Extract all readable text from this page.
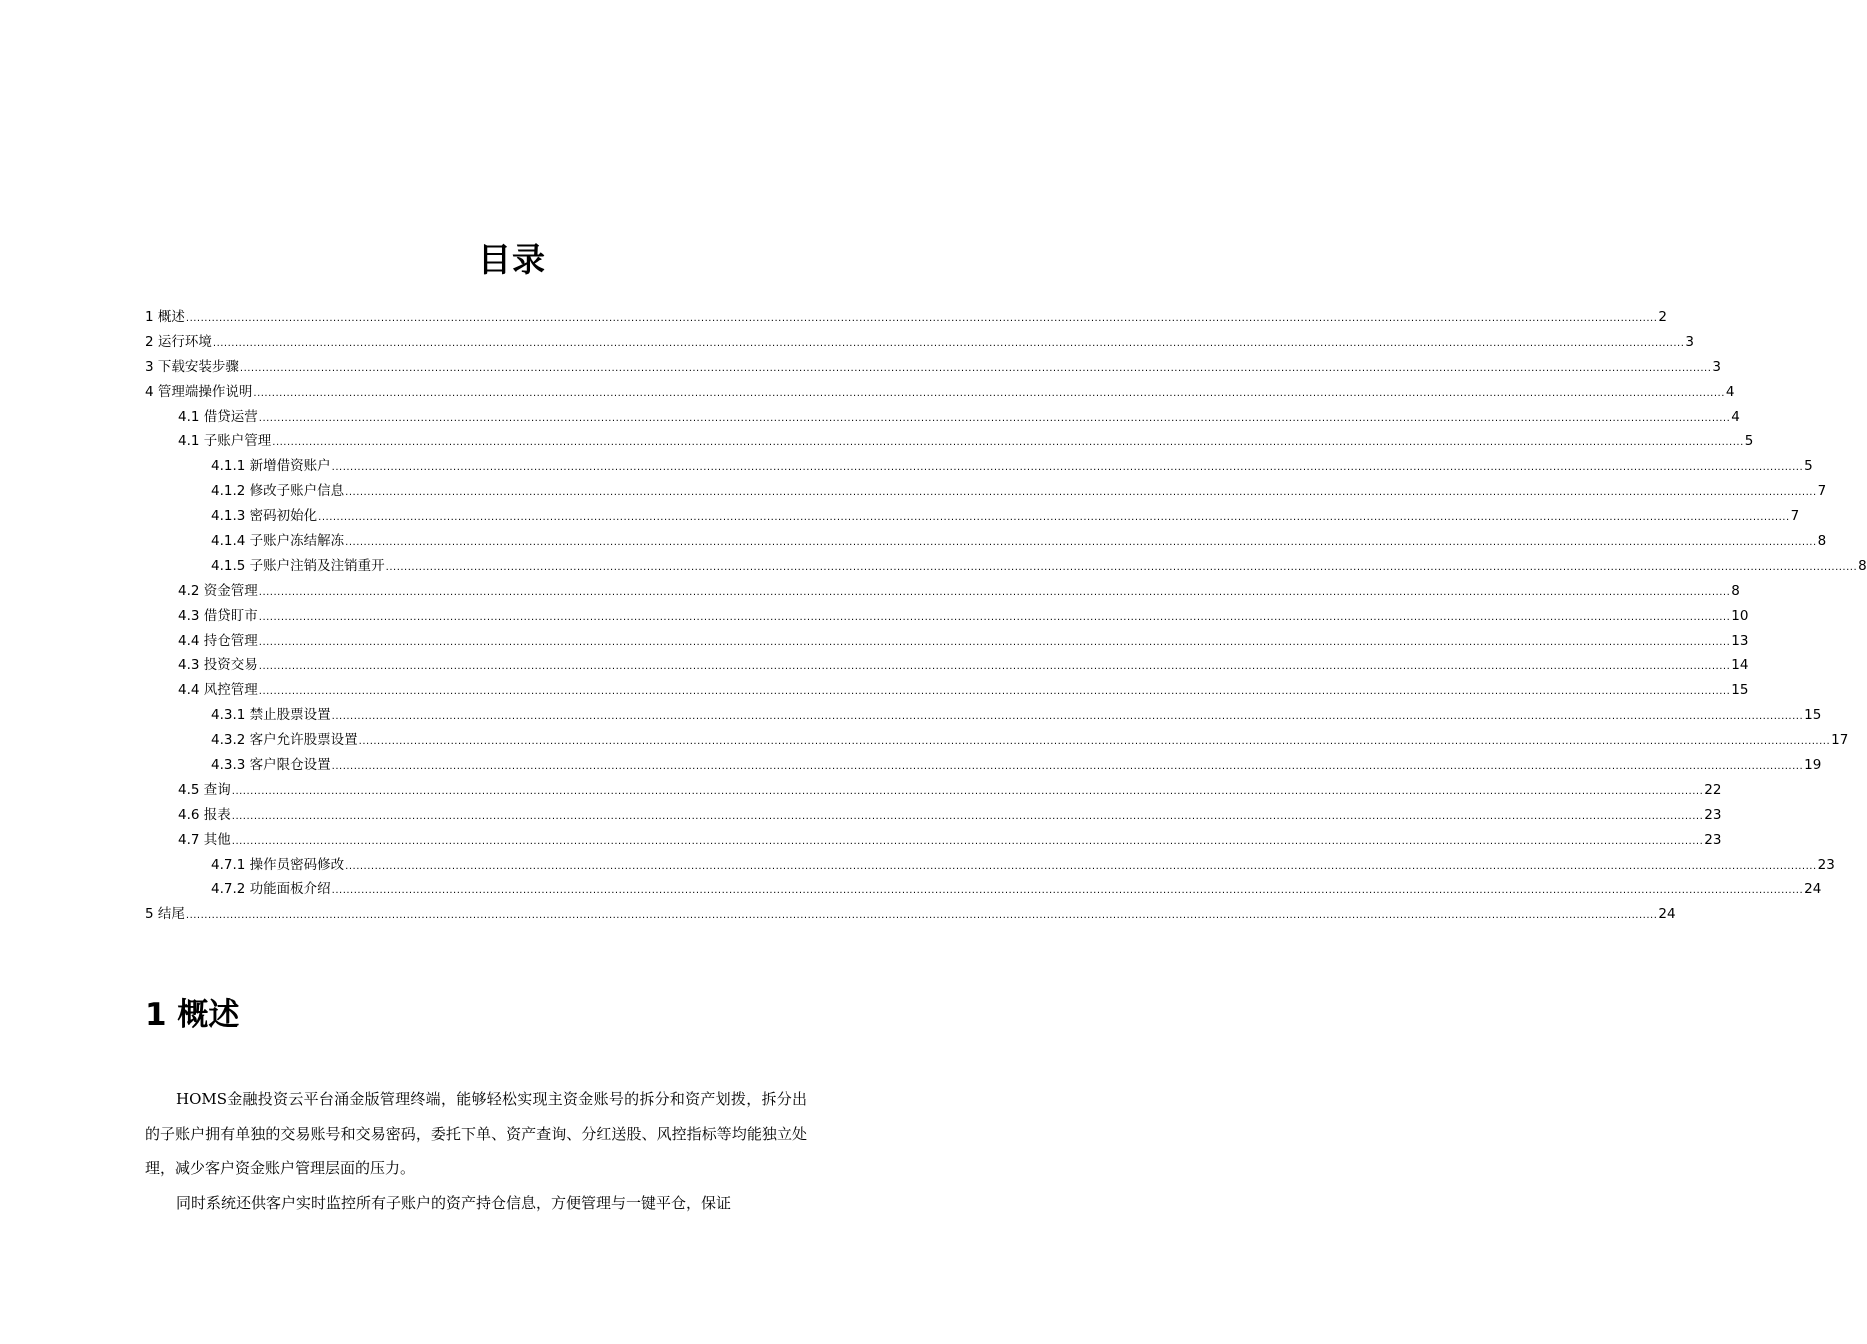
目录
1 概述 ................................................................................................................................................................................................................................................................................................................................................................................................................ 2
2 运行环境 ................................................................................................................................................................................................................................................................................................................................................................................................................ 3
3 下载安装步骤 ................................................................................................................................................................................................................................................................................................................................................................................................................ 3
4 管理端操作说明 ................................................................................................................................................................................................................................................................................................................................................................................................................ 4
4.1 借贷运营 ................................................................................................................................................................................................................................................................................................................................................................................................................ 4
4.1 子账户管理 ................................................................................................................................................................................................................................................................................................................................................................................................................ 5
4.1.1 新增借资账户 ................................................................................................................................................................................................................................................................................................................................................................................................................ 5
4.1.2 修改子账户信息 ................................................................................................................................................................................................................................................................................................................................................................................................................ 7
4.1.3 密码初始化 ................................................................................................................................................................................................................................................................................................................................................................................................................ 7
4.1.4 子账户冻结解冻 ................................................................................................................................................................................................................................................................................................................................................................................................................ 8
4.1.5 子账户注销及注销重开 ................................................................................................................................................................................................................................................................................................................................................................................................................ 8
4.2 资金管理 ................................................................................................................................................................................................................................................................................................................................................................................................................ 8
4.3 借贷盯市 ................................................................................................................................................................................................................................................................................................................................................................................................................ 10
4.4 持仓管理 ................................................................................................................................................................................................................................................................................................................................................................................................................ 13
4.3 投资交易 ................................................................................................................................................................................................................................................................................................................................................................................................................ 14
4.4 风控管理 ................................................................................................................................................................................................................................................................................................................................................................................................................ 15
4.3.1 禁止股票设置 ................................................................................................................................................................................................................................................................................................................................................................................................................ 15
4.3.2 客户允许股票设置 ................................................................................................................................................................................................................................................................................................................................................................................................................ 17
4.3.3 客户限仓设置 ................................................................................................................................................................................................................................................................................................................................................................................................................ 19
4.5 查询 ................................................................................................................................................................................................................................................................................................................................................................................................................ 22
4.6 报表 ................................................................................................................................................................................................................................................................................................................................................................................................................ 23
4.7 其他 ................................................................................................................................................................................................................................................................................................................................................................................................................ 23
4.7.1 操作员密码修改 ................................................................................................................................................................................................................................................................................................................................................................................................................ 23
4.7.2 功能面板介绍 ................................................................................................................................................................................................................................................................................................................................................................................................................ 24
5 结尾 ................................................................................................................................................................................................................................................................................................................................................................................................................ 24
1 概述

HOMS金融投资云平台涌金版管理终端，能够轻松实现主资金账号的拆分和资产划拨，拆分出的子账户拥有单独的交易账号和交易密码，委托下单、资产查询、分红送股、风控指标等均能独立处理，减少客户资金账户管理层面的压力。

同时系统还供客户实时监控所有子账户的资产持仓信息，方便管理与一键平仓，保证
